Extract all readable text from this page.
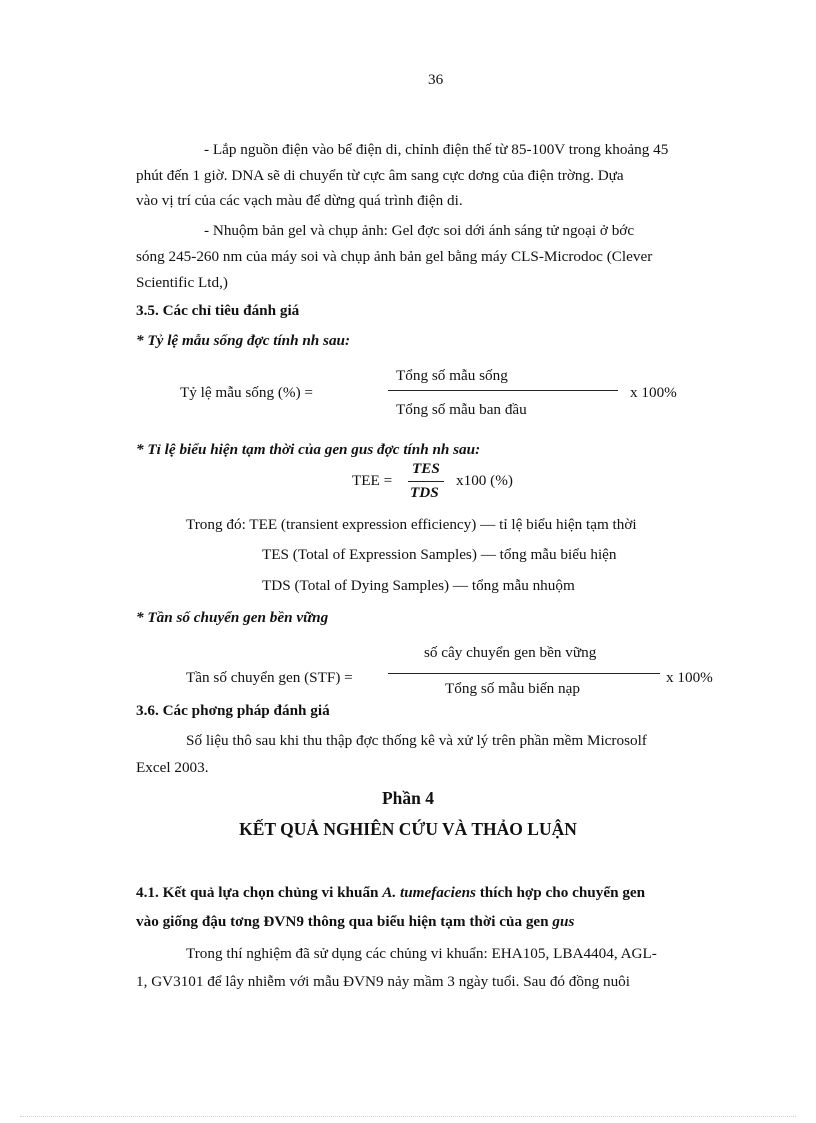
36
- Lắp nguồn điện vào bể điện di, chỉnh điện thế từ 85-100V trong khoảng 45
phút đến 1 giờ. DNA sẽ di chuyển từ cực âm sang cực dơng của điện trờng. Dựa
vào vị trí của các vạch màu để dừng quá trình điện di.
- Nhuộm bản gel và chụp ảnh: Gel đợc soi dới ánh sáng tử ngoại ở bớc
sóng 245-260 nm của máy soi và chụp ảnh bản gel bằng máy CLS-Microdoc (Clever
Scientific Ltd,)
3.5. Các chỉ tiêu đánh giá
* Tỷ lệ mẫu sống đợc tính nh sau:
Tổng số mẫu sống
Tỷ lệ mẫu sống (%) =	x 100%
Tổng số mẫu ban đầu
* Tỉ lệ biểu hiện tạm thời của gen gus đợc tính nh sau:
TEE =
TES
TDS
x100 (%)
Trong đó: TEE (transient expression efficiency) — tỉ lệ biểu hiện tạm thời
TES (Total of Expression Samples) — tổng mẫu biểu hiện
TDS (Total of Dying Samples) — tổng mẫu nhuộm
* Tần số chuyển gen bền vững
số cây chuyển gen bền vững
Tần số chuyển gen (STF) =	x 100%
Tổng số mẫu biến nạp
3.6. Các phơng pháp đánh giá
Số liệu thô sau khi thu thập đợc thống kê và xử lý trên phần mềm Microsolf
Excel 2003.
Phần 4
KẾT QUẢ NGHIÊN CỨU VÀ THẢO LUẬN
4.1. Kết quả lựa chọn chủng vi khuẩn A. tumefaciens thích hợp cho chuyển gen
vào giống đậu tơng ĐVN9 thông qua biểu hiện tạm thời của gen gus
Trong thí nghiệm đã sử dụng các chủng vi khuẩn: EHA105, LBA4404, AGL-
1, GV3101 để lây nhiễm với mẫu ĐVN9 nảy mầm 3 ngày tuổi. Sau đó đồng nuôi
